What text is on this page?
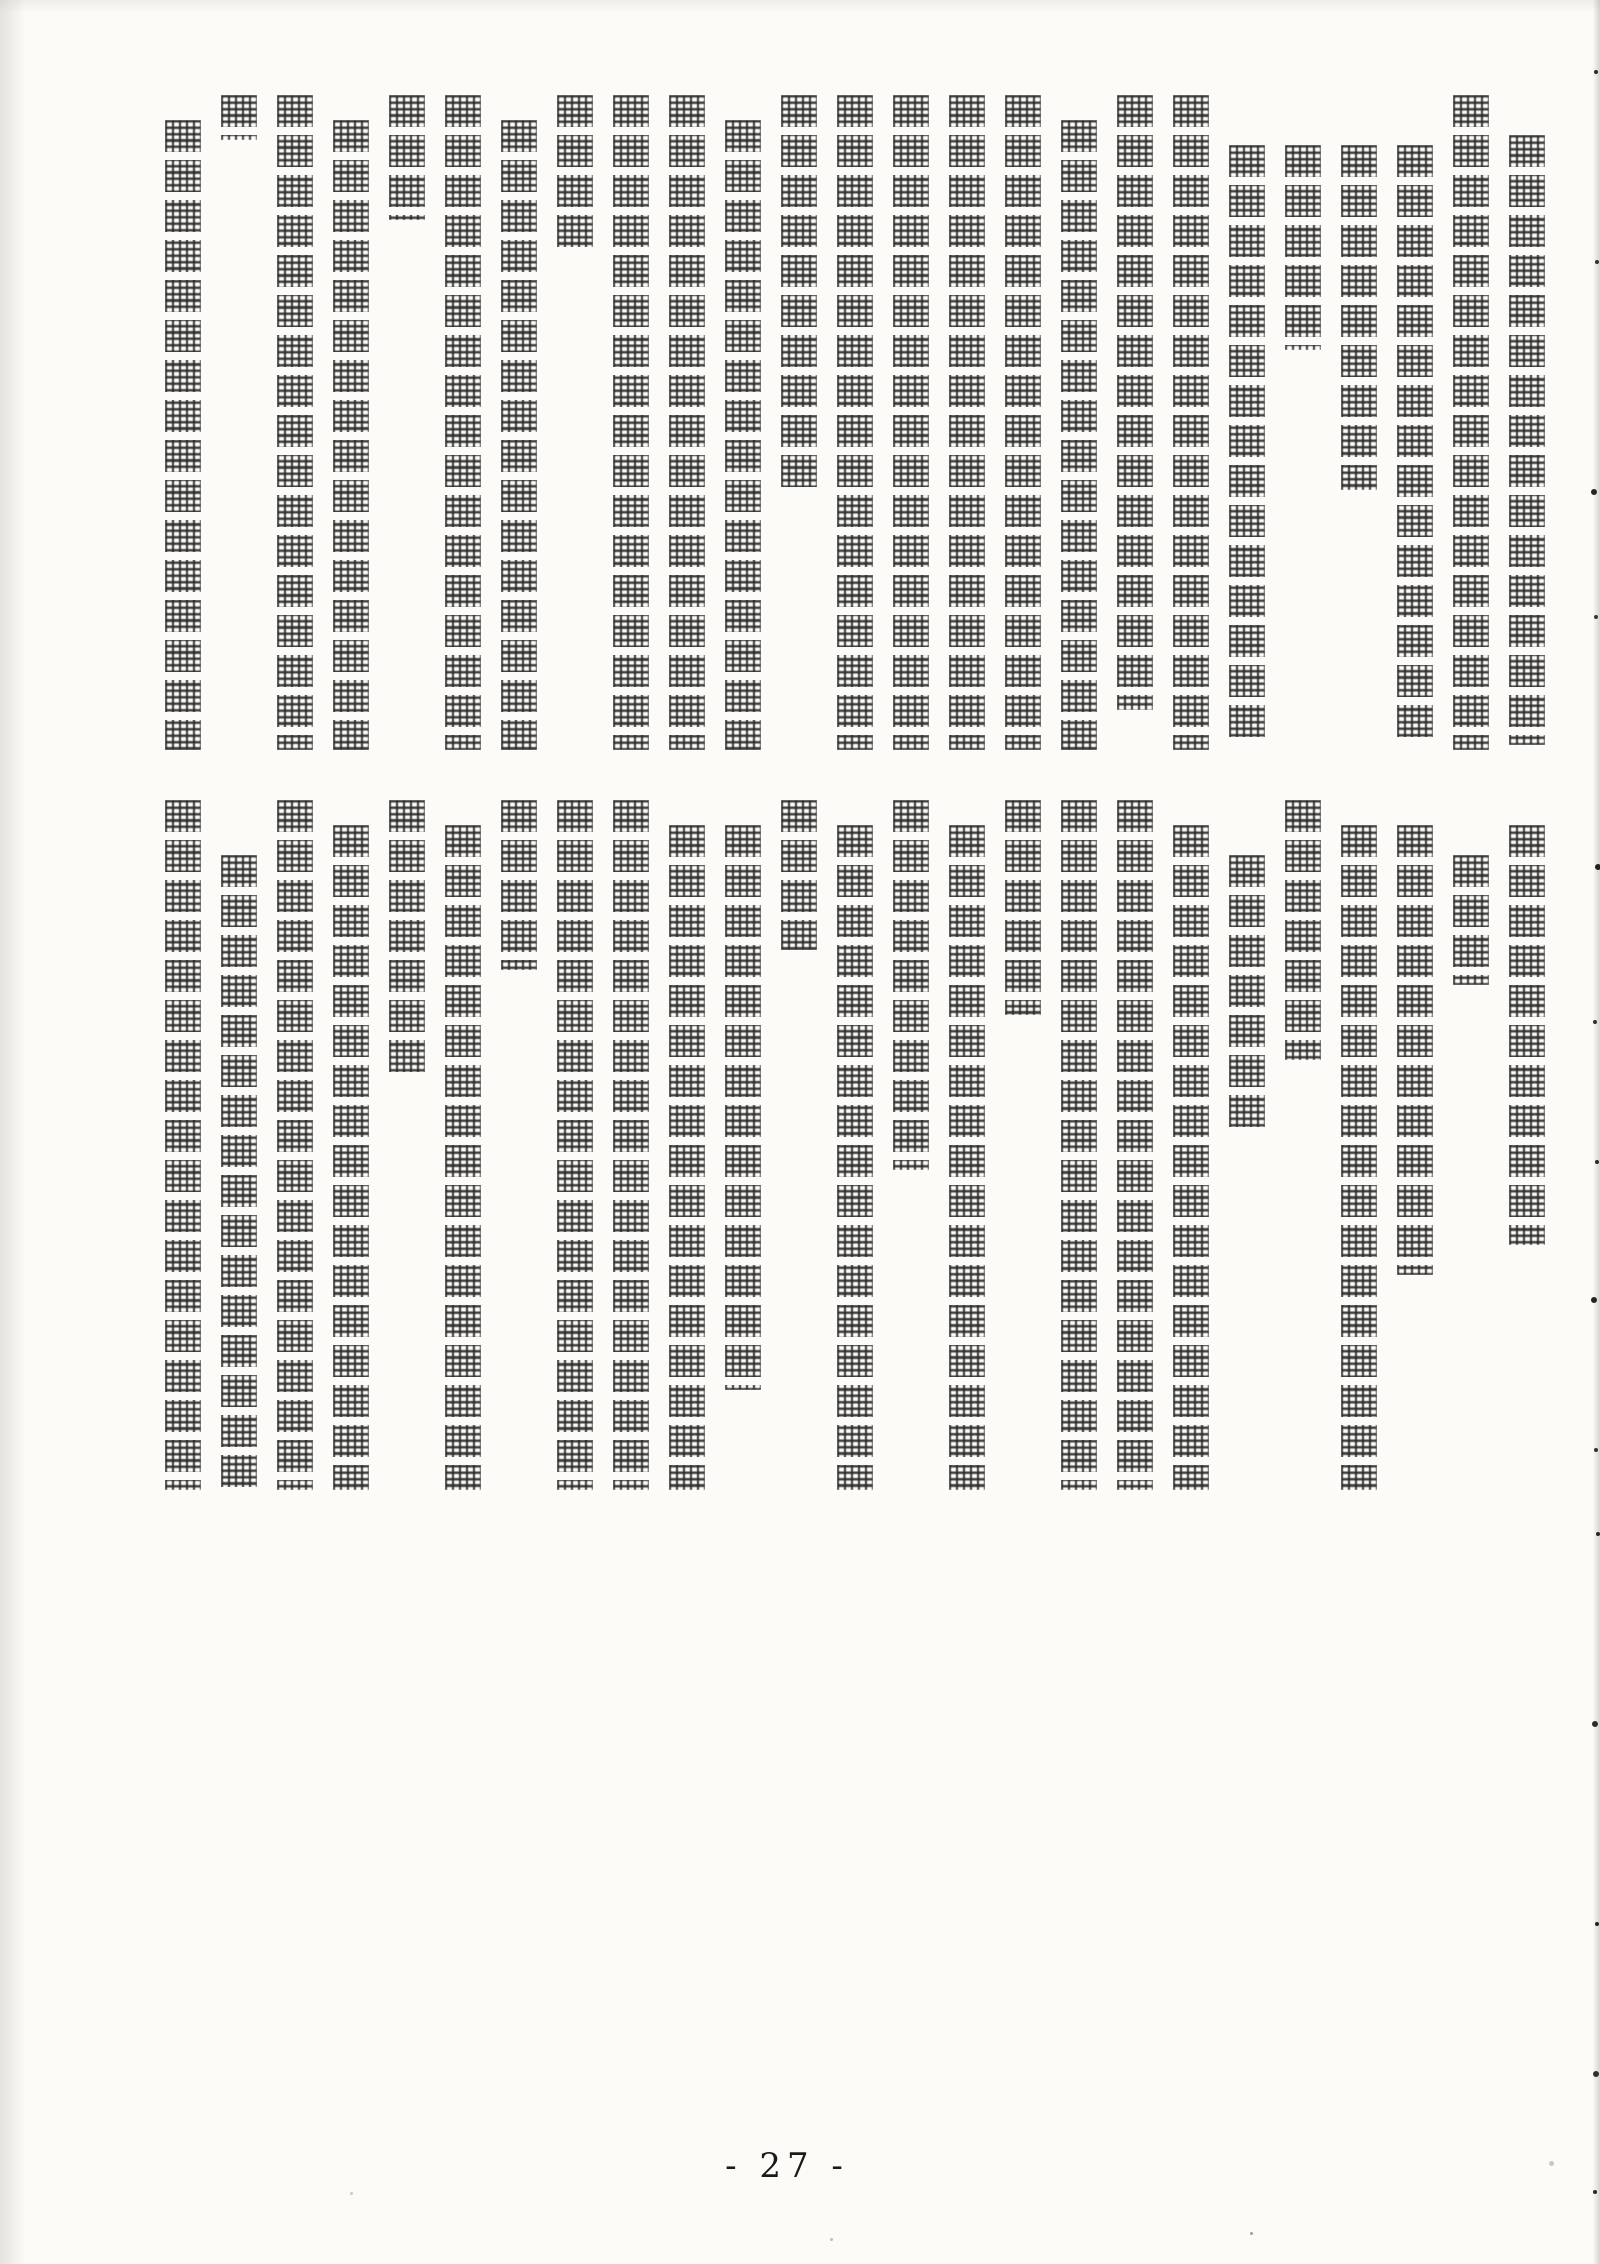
- 27 -
